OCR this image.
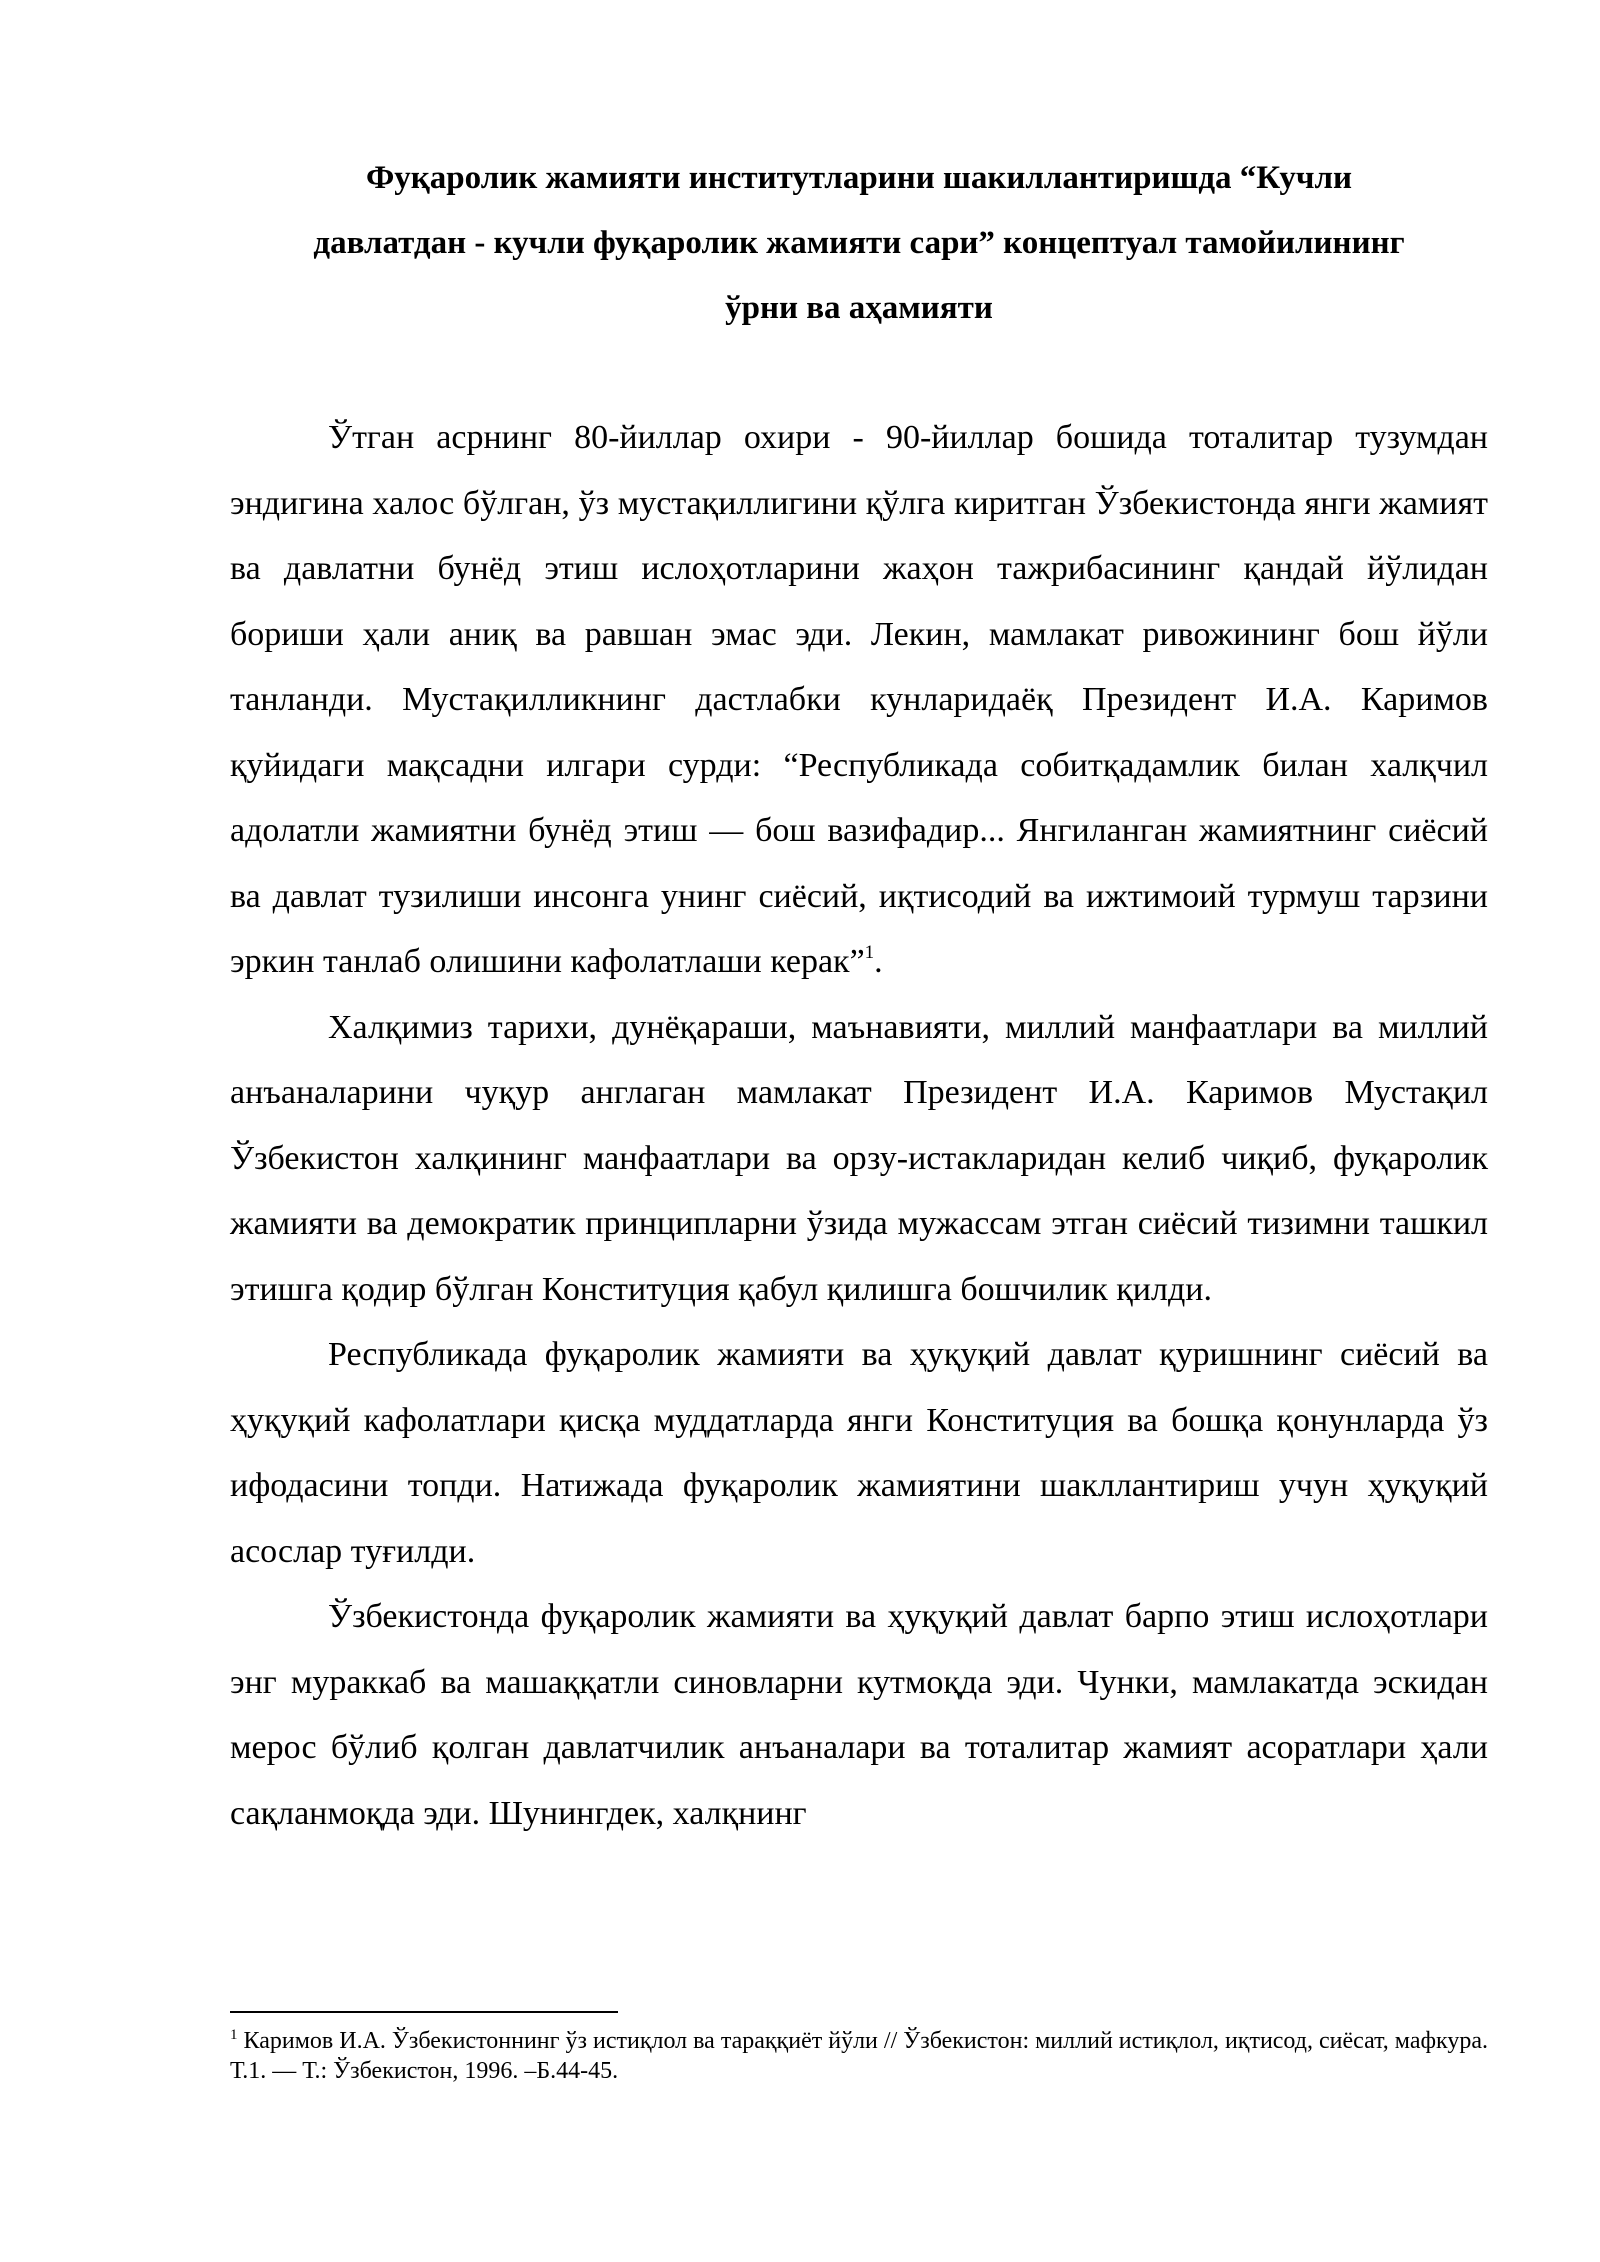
Фуқаролик жамияти институтларини шакиллантиришда “Кучли
давлатдан - кучли фуқаролик жамияти сари” концептуал тамойилининг
ўрни ва аҳамияти

Ўтган асрнинг 80-йиллар охири - 90-йиллар бошида тоталитар тузумдан эндигина халос бўлган, ўз мустақиллигини қўлга киритган Ўзбекистонда янги жамият ва давлатни бунёд этиш ислоҳотларини жаҳон тажрибасининг қандай йўлидан бориши ҳали аниқ ва равшан эмас эди. Лекин, мамлакат ривожининг бош йўли танланди. Мустақилликнинг дастлабки кунларидаёқ Президент И.А. Каримов қуйидаги мақсадни илгари сурди: “Республикада собитқадамлик билан халқчил адолатли жамиятни бунёд этиш — бош вазифадир... Янгиланган жамиятнинг сиёсий ва давлат тузилиши инсонга унинг сиёсий, иқтисодий ва ижтимоий турмуш тарзини эркин танлаб олишини кафолатлаши керак”$^1$.

Халқимиз тарихи, дунёқараши, маънавияти, миллий манфаатлари ва миллий анъаналарини чуқур англаган мамлакат Президент И.А. Каримов Мустақил Ўзбекистон халқининг манфаатлари ва орзу-истакларидан келиб чиқиб, фуқаролик жамияти ва демократик принципларни ўзида мужассам этган сиёсий тизимни ташкил этишга қодир бўлган Конституция қабул қилишга бошчилик қилди.

Республикада фуқаролик жамияти ва ҳуқуқий давлат қуришнинг сиёсий ва ҳуқуқий кафолатлари қисқа муддатларда янги Конституция ва бошқа қонунларда ўз ифодасини топди. Натижада фуқаролик жамиятини шакллантириш учун ҳуқуқий асослар туғилди.

Ўзбекистонда фуқаролик жамияти ва ҳуқуқий давлат барпо этиш ислоҳотлари энг мураккаб ва машаққатли синовларни кутмоқда эди. Чунки, мамлакатда эскидан мерос бўлиб қолган давлатчилик анъаналари ва тоталитар жамият асоратлари ҳали сақланмоқда эди. Шунингдек, халқнинг

$^1$ Каримов И.А. Ўзбекистоннинг ўз истиқлол ва тараққиёт йўли // Ўзбекистон: миллий истиқлол, иқтисод, сиёсат, мафкура. Т.1. — Т.: Ўзбекистон, 1996. –Б.44-45.
